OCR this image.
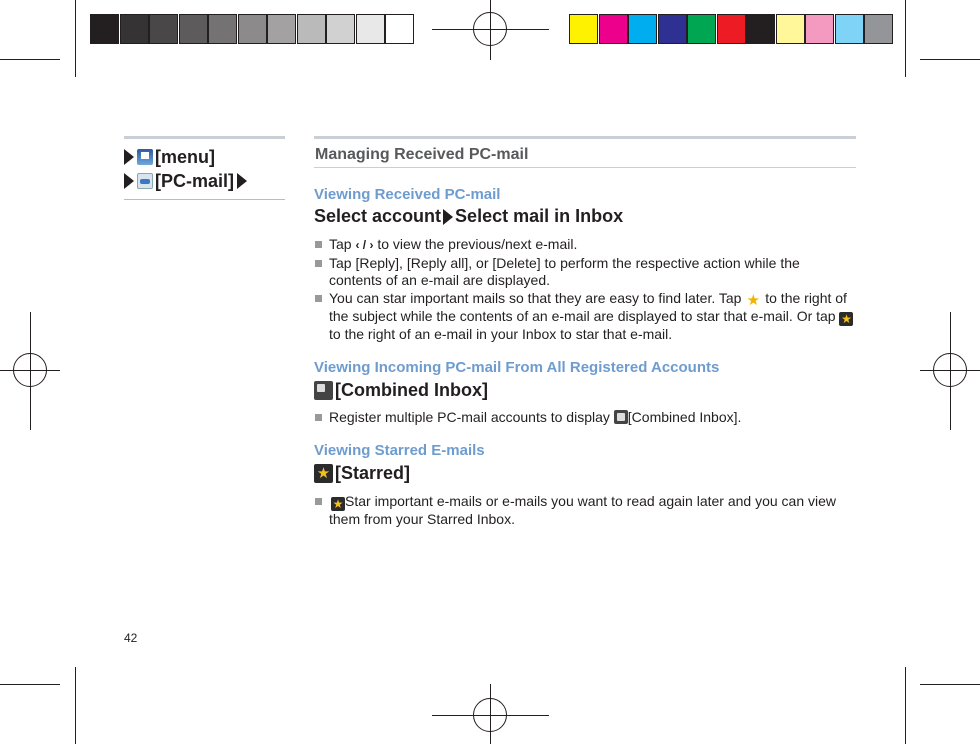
[menu]
[PC-mail]
Managing Received PC-mail
Viewing Received PC-mail
Select account Select mail in Inbox
Tap ‹ / › to view the previous/next e-mail.
Tap [Reply], [Reply all], or [Delete] to perform the respective action while the contents of an e-mail are displayed.
You can star important mails so that they are easy to find later. Tap ★ to the right of the subject while the contents of an e-mail are displayed to star that e-mail. Or tap ★ to the right of an e-mail in your Inbox to star that e-mail.
Viewing Incoming PC-mail From All Registered Accounts
[Combined Inbox]
Register multiple PC-mail accounts to display [Combined Inbox].
Viewing Starred E-mails
★ [Starred]
★ Star important e-mails or e-mails you want to read again later and you can view them from your Starred Inbox.
42
